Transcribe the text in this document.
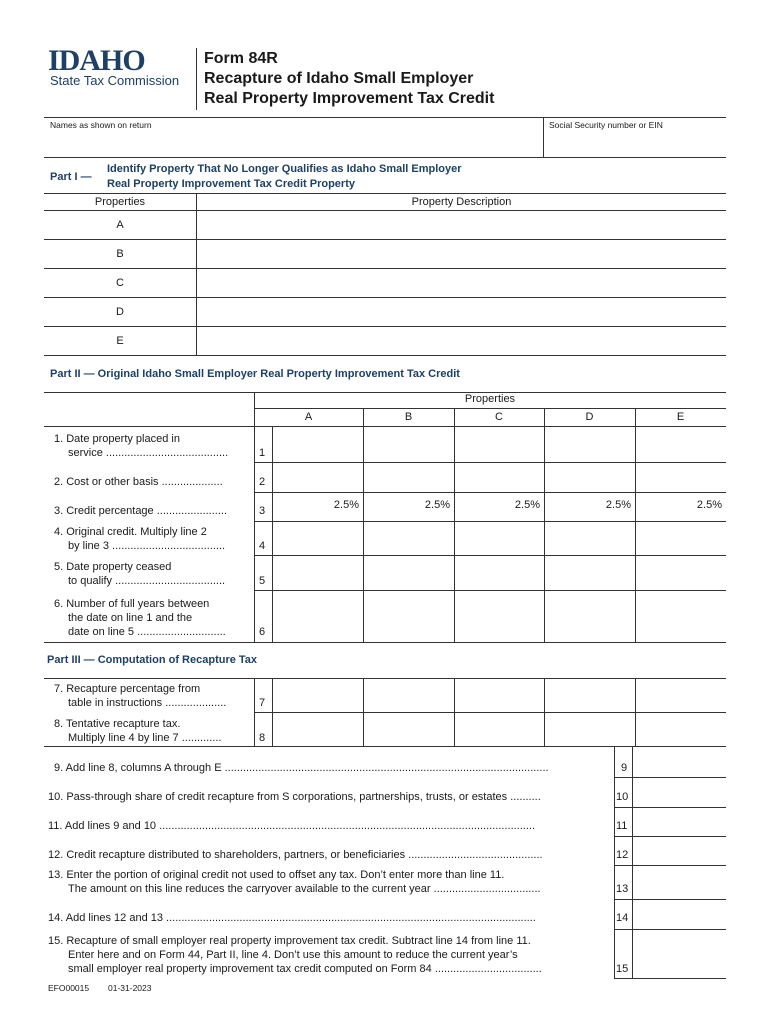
IDAHO
State Tax Commission
Form 84R
Recapture of Idaho Small Employer
Real Property Improvement Tax Credit
Names as shown on return	Social Security number or EIN
Part I —
Identify Property That No Longer Qualifies as Idaho Small Employer
Real Property Improvement Tax Credit Property
Properties	Property Description
A
B
C
D
E
Part II — Original Idaho Small Employer Real Property Improvement Tax Credit
Properties
A	B	C	D	E
1. Date property placed in
service ........................................	1
2. Cost or other basis ....................	2
3. Credit percentage .......................	3	2.5%	2.5%	2.5%	2.5%	2.5%
4. Original credit. Multiply line 2
by line 3 .....................................	4
5. Date property ceased
to qualify ....................................	5
6. Number of full years between
the date on line 1 and the
date on line 5 .............................	6
Part III — Computation of Recapture Tax
7. Recapture percentage from
table in instructions ....................	7
8. Tentative recapture tax.
Multiply line 4 by line 7 .............	8
9. Add line 8, columns A through E ..........................................................................................................	9
10. Pass-through share of credit recapture from S corporations, partnerships, trusts, or estates ..........	10
11. Add lines 9 and 10 ...........................................................................................................................	11
12. Credit recapture distributed to shareholders, partners, or beneficiaries ............................................	12
13. Enter the portion of original credit not used to offset any tax. Don’t enter more than line 11.
The amount on this line reduces the carryover available to the current year ...................................	13
14. Add lines 12 and 13 .........................................................................................................................	14
15. Recapture of small employer real property improvement tax credit. Subtract line 14 from line 11.
Enter here and on Form 44, Part II, line 4. Don’t use this amount to reduce the current year’s
small employer real property improvement tax credit computed on Form 84 ...................................	15
EFO00015 01-31-2023
